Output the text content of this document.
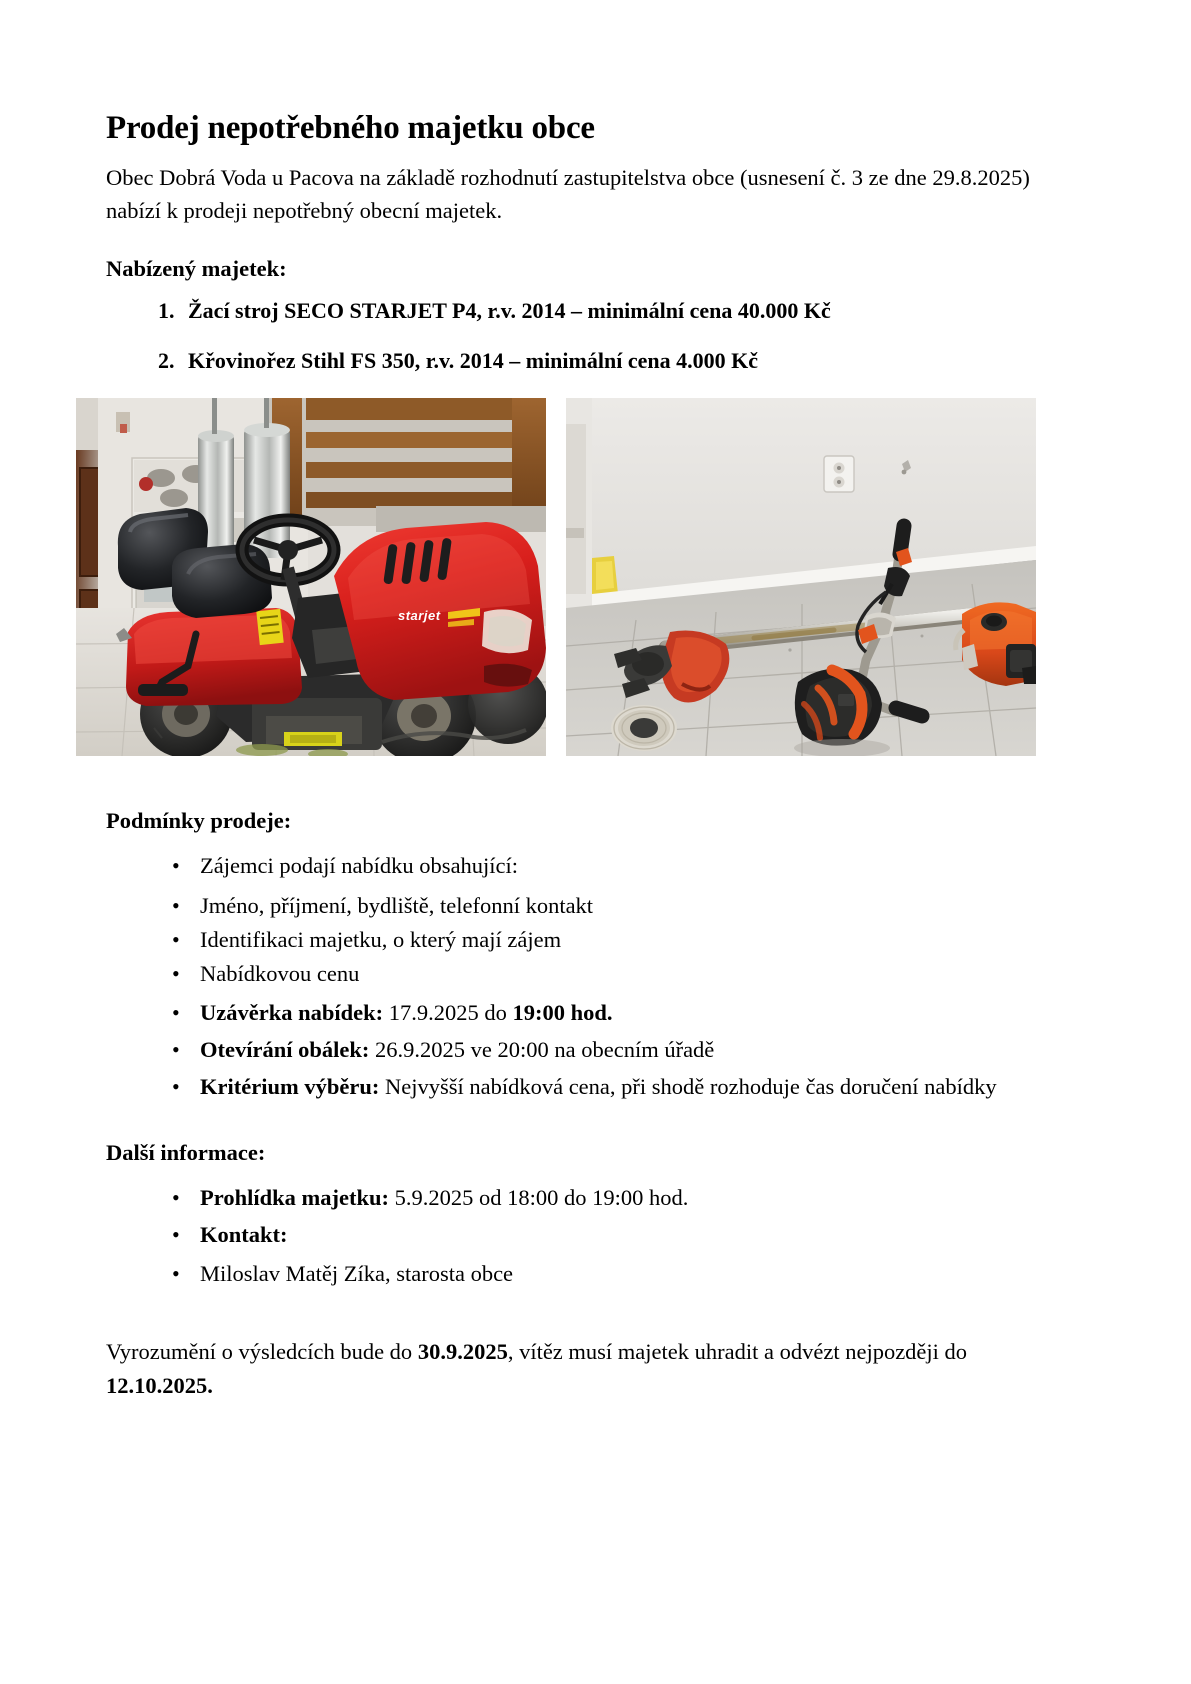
Prodej nepotřebného majetku obce

Obec Dobrá Voda u Pacova na základě rozhodnutí zastupitelstva obce (usnesení č. 3 ze dne 29.8.2025) nabízí k prodeji nepotřebný obecní majetek.

Nabízený majetek:
1. Žací stroj SECO STARJET P4, r.v. 2014 – minimální cena 40.000 Kč
2. Křovinořez Stihl FS 350, r.v. 2014 – minimální cena 4.000 Kč
starjet
Podmínky prodeje:
• Zájemci podají nabídku obsahující:
• Jméno, příjmení, bydliště, telefonní kontakt
• Identifikaci majetku, o který mají zájem
• Nabídkovou cenu
• Uzávěrka nabídek: 17.9.2025 do 19:00 hod.
• Otevírání obálek: 26.9.2025 ve 20:00 na obecním úřadě
• Kritérium výběru: Nejvyšší nabídková cena, při shodě rozhoduje čas doručení nabídky
Další informace:
• Prohlídka majetku: 5.9.2025 od 18:00 do 19:00 hod.
• Kontakt:
• Miloslav Matěj Zíka, starosta obce

Vyrozumění o výsledcích bude do 30.9.2025, vítěz musí majetek uhradit a odvézt nejpozději do 12.10.2025.
